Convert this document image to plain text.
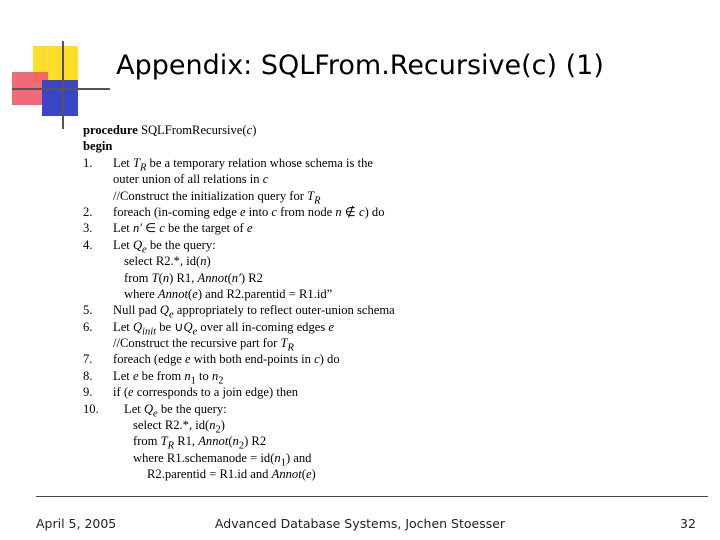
Appendix: SQLFrom.Recursive(c) (1)
procedure SQLFromRecursive(c)
begin
1. Let $T_R$ be a temporary relation whose schema is the
outer union of all relations in c
//Construct the initialization query for $T_R$
2. foreach (in-coming edge e into c from node n ∉ c) do
3. Let n′ ∈ c be the target of e
4. Let $Q_e$ be the query:
select R2.*, id(n)
from T(n) R1, Annot(n′) R2
where Annot(e) and R2.parentid = R1.id”
5. Null pad $Q_e$ appropriately to reflect outer-union schema
6. Let $Q_{init}$ be $\cup Q_e$ over all in-coming edges e
//Construct the recursive part for $T_R$
7. foreach (edge e with both end-points in c) do
8. Let e be from $n_1$ to $n_2$
9. if (e corresponds to a join edge) then
10. Let $Q_e$ be the query:
select R2.*, $id(n_2)$
from $T_R$ R1, $Annot(n_2)$ R2
where R1.schemanode = $id(n_1)$ and
R2.parentid = R1.id and Annot(e)
April 5, 2005	Advanced Database Systems, Jochen Stoesser	32
